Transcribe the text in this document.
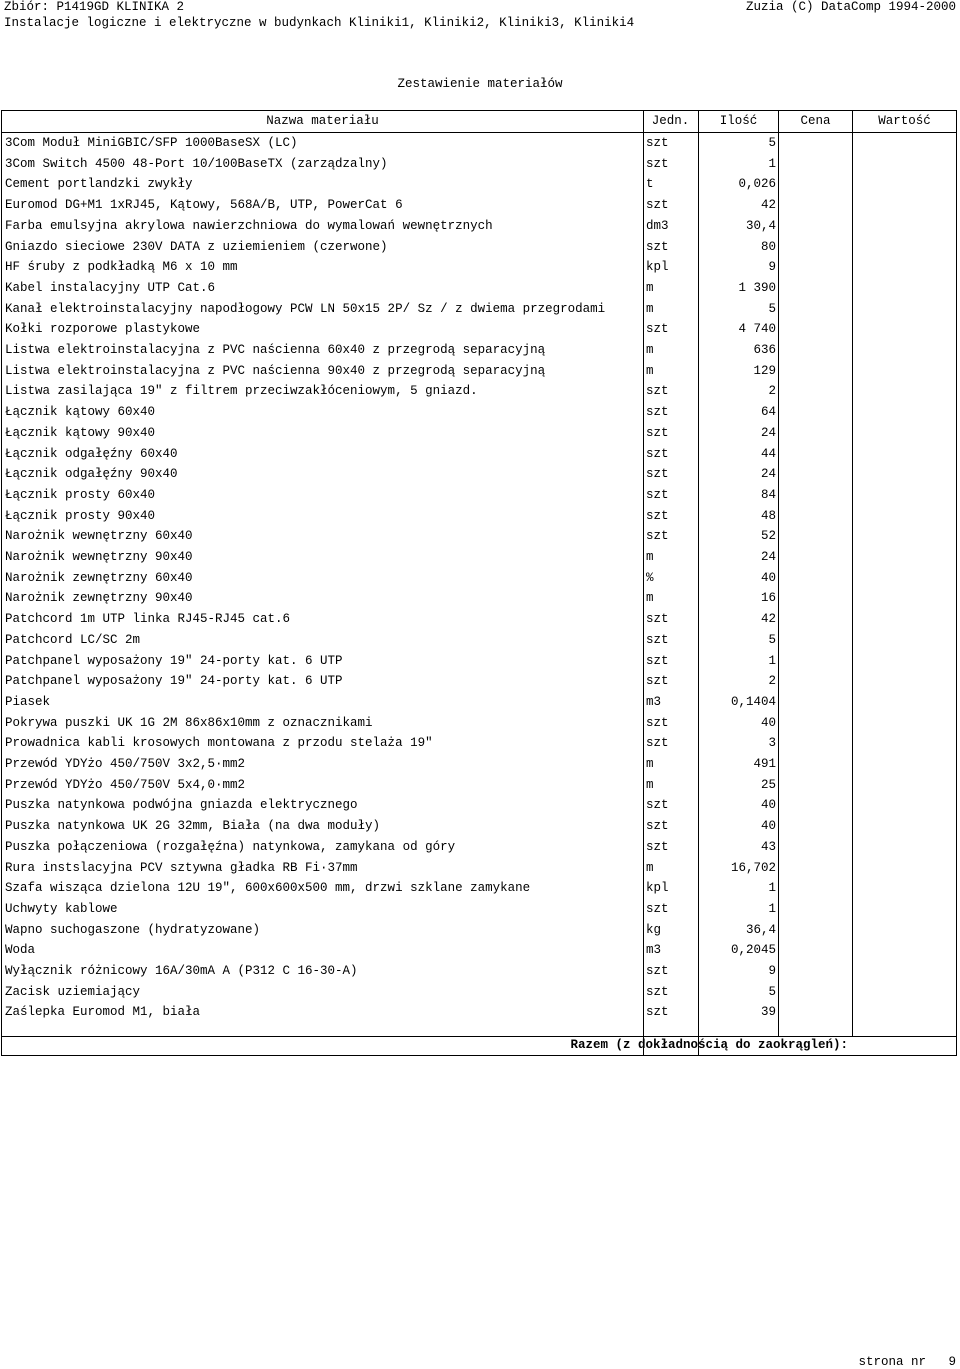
Zbiór: P1419GD KLINIKA 2	Zuzia (C) DataComp 1994-2000
Instalacje logiczne i elektryczne w budynkach Kliniki1, Kliniki2, Kliniki3, Kliniki4
Zestawienie materiałów
Nazwa materiału	Jedn.	Ilość	Cena	Wartość
3Com Moduł MiniGBIC/SFP 1000BaseSX (LC)	szt	5
3Com Switch 4500 48-Port 10/100BaseTX (zarządzalny)	szt	1
Cement portlandzki zwykły	t	0,026
Euromod DG+M1 1xRJ45, Kątowy, 568A/B, UTP, PowerCat 6	szt	42
Farba emulsyjna akrylowa nawierzchniowa do wymalowań wewnętrznych	dm3	30,4
Gniazdo sieciowe 230V DATA z uziemieniem (czerwone)	szt	80
HF śruby z podkładką M6 x 10 mm	kpl	9
Kabel instalacyjny UTP Cat.6	m	1 390
Kanał elektroinstalacyjny napodłogowy PCW LN 50x15 2P/ Sz / z dwiema przegrodami	m	5
Kołki rozporowe plastykowe	szt	4 740
Listwa elektroinstalacyjna z PVC naścienna 60x40 z przegrodą separacyjną	m	636
Listwa elektroinstalacyjna z PVC naścienna 90x40 z przegrodą separacyjną	m	129
Listwa zasilająca 19" z filtrem przeciwzakłóceniowym, 5 gniazd.	szt	2
Łącznik kątowy 60x40	szt	64
Łącznik kątowy 90x40	szt	24
Łącznik odgałęźny 60x40	szt	44
Łącznik odgałęźny 90x40	szt	24
Łącznik prosty 60x40	szt	84
Łącznik prosty 90x40	szt	48
Narożnik wewnętrzny 60x40	szt	52
Narożnik wewnętrzny 90x40	m	24
Narożnik zewnętrzny 60x40	%	40
Narożnik zewnętrzny 90x40	m	16
Patchcord 1m UTP linka RJ45-RJ45 cat.6	szt	42
Patchcord LC/SC 2m	szt	5
Patchpanel wyposażony 19" 24-porty kat. 6 UTP	szt	1
Patchpanel wyposażony 19" 24-porty kat. 6 UTP	szt	2
Piasek	m3	0,1404
Pokrywa puszki UK 1G 2M 86x86x10mm z oznacznikami	szt	40
Prowadnica kabli krosowych montowana z przodu stelaża 19"	szt	3
Przewód YDYżo 450/750V 3x2,5·mm2	m	491
Przewód YDYżo 450/750V 5x4,0·mm2	m	25
Puszka natynkowa podwójna gniazda elektrycznego	szt	40
Puszka natynkowa UK 2G 32mm, Biała (na dwa moduły)	szt	40
Puszka połączeniowa (rozgałęźna) natynkowa, zamykana od góry	szt	43
Rura instslacyjna PCV sztywna gładka RB Fi·37mm	m	16,702
Szafa wisząca dzielona 12U 19", 600x600x500 mm, drzwi szklane zamykane	kpl	1
Uchwyty kablowe	szt	1
Wapno suchogaszone (hydratyzowane)	kg	36,4
Woda	m3	0,2045
Wyłącznik różnicowy 16A/30mA A (P312 C 16-30-A)	szt	9
Zacisk uziemiający	szt	5
Zaślepka Euromod M1, biała	szt	39
Razem (z dokładnością do zaokrągleń):
strona nr 9
